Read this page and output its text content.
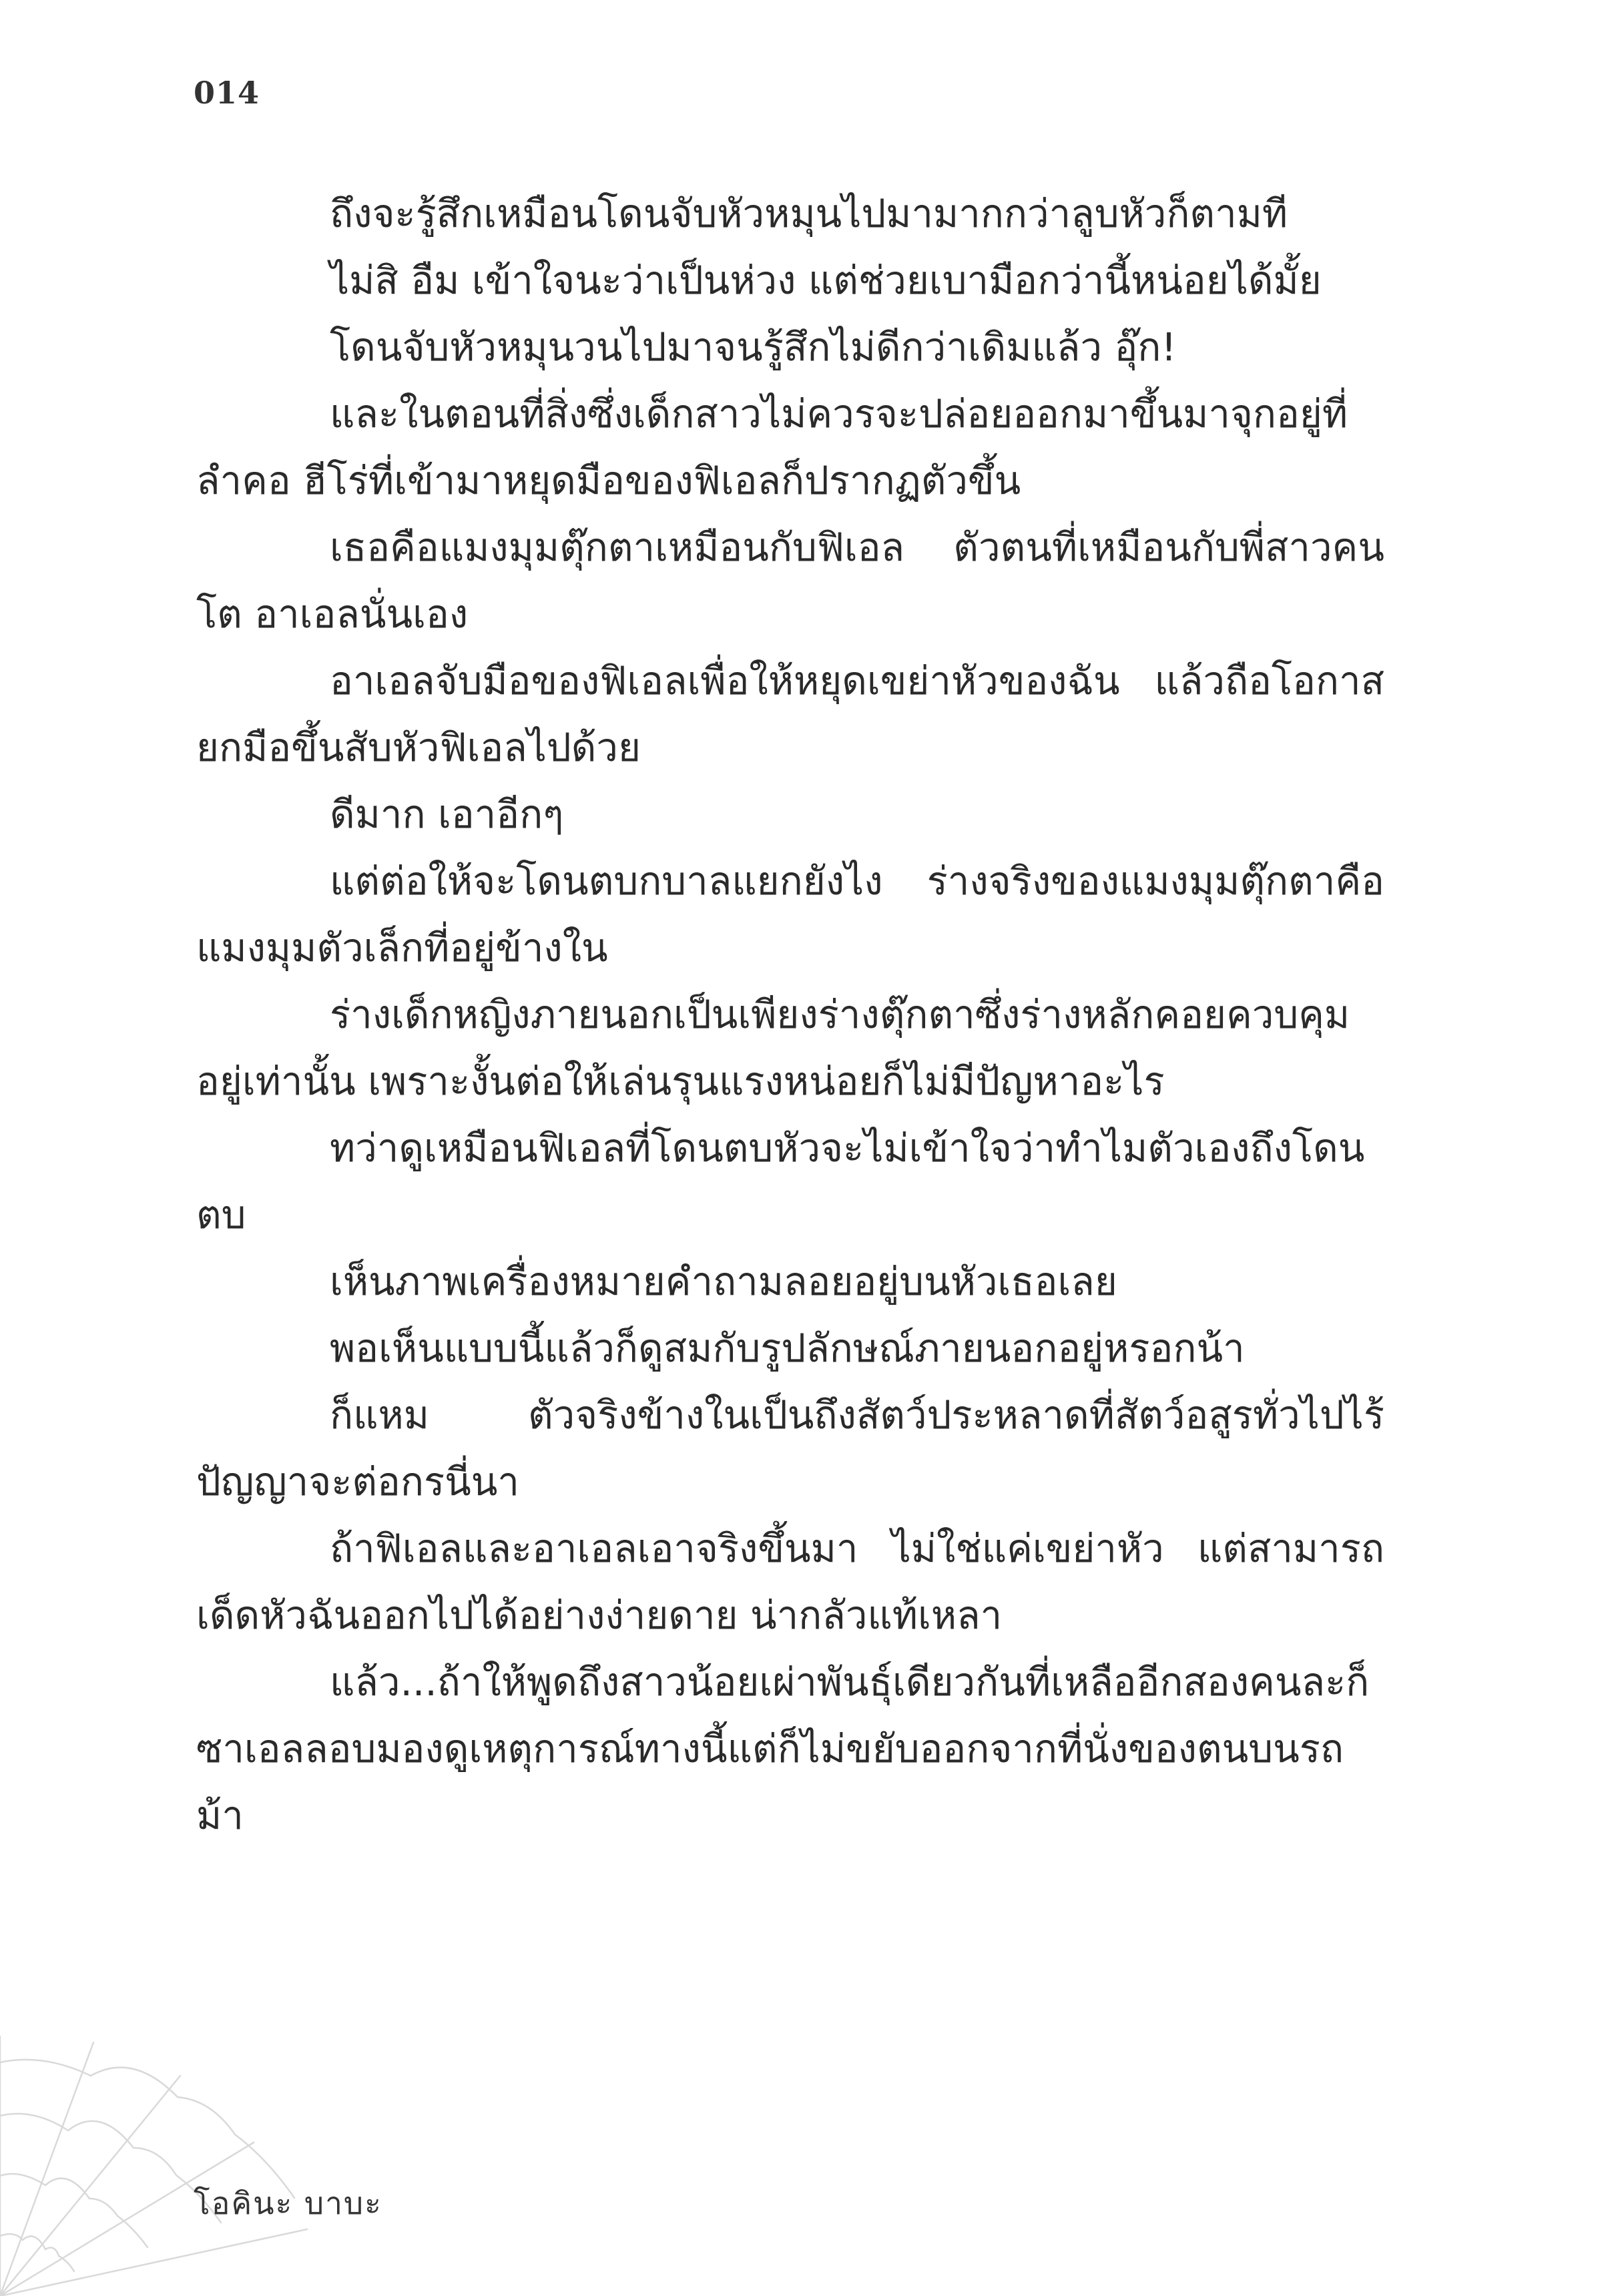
014

ถึงจะรู้สึกเหมือนโดนจับหัวหมุนไปมามากกว่าลูบหัวก็ตามที

ไม่สิ อืม เข้าใจนะว่าเป็นห่วง แต่ช่วยเบามือกว่านี้หน่อยได้มั้ย

โดนจับหัวหมุนวนไปมาจนรู้สึกไม่ดีกว่าเดิมแล้ว อุ๊ก!

และในตอนที่สิ่งซึ่งเด็กสาวไม่ควรจะปล่อยออกมาขึ้นมาจุกอยู่ที่ลำคอ ฮีโร่ที่เข้ามาหยุดมือของฟิเอลก็ปรากฏตัวขึ้น

เธอคือแมงมุมตุ๊กตาเหมือนกับฟิเอล ตัวตนที่เหมือนกับพี่สาวคนโต อาเอลนั่นเอง

อาเอลจับมือของฟิเอลเพื่อให้หยุดเขย่าหัวของฉัน แล้วถือโอกาสยกมือขึ้นสับหัวฟิเอลไปด้วย

ดีมาก เอาอีกๆ

แต่ต่อให้จะโดนตบกบาลแยกยังไง ร่างจริงของแมงมุมตุ๊กตาคือแมงมุมตัวเล็กที่อยู่ข้างใน

ร่างเด็กหญิงภายนอกเป็นเพียงร่างตุ๊กตาซึ่งร่างหลักคอยควบคุมอยู่เท่านั้น เพราะงั้นต่อให้เล่นรุนแรงหน่อยก็ไม่มีปัญหาอะไร

ทว่าดูเหมือนฟิเอลที่โดนตบหัวจะไม่เข้าใจว่าทำไมตัวเองถึงโดนตบ

เห็นภาพเครื่องหมายคำถามลอยอยู่บนหัวเธอเลย

พอเห็นแบบนี้แล้วก็ดูสมกับรูปลักษณ์ภายนอกอยู่หรอกน้า

ก็แหม ตัวจริงข้างในเป็นถึงสัตว์ประหลาดที่สัตว์อสูรทั่วไปไร้ปัญญาจะต่อกรนี่นา

ถ้าฟิเอลและอาเอลเอาจริงขึ้นมา ไม่ใช่แค่เขย่าหัว แต่สามารถเด็ดหัวฉันออกไปได้อย่างง่ายดาย น่ากลัวแท้เหลา

แล้ว...ถ้าให้พูดถึงสาวน้อยเผ่าพันธุ์เดียวกันที่เหลืออีกสองคนละก็ ซาเอลลอบมองดูเหตุการณ์ทางนี้แต่ก็ไม่ขยับออกจากที่นั่งของตนบนรถม้า

โอคินะ บาบะ
